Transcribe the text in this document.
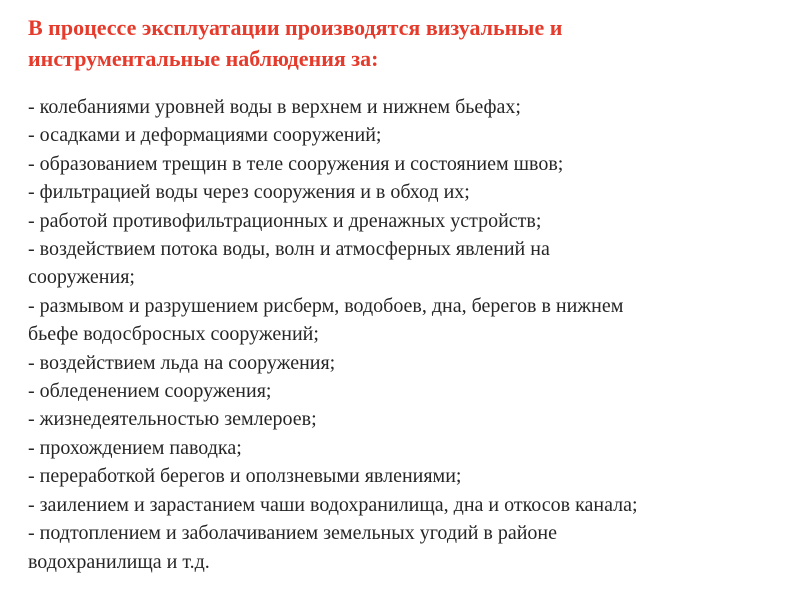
В процессе эксплуатации производятся визуальные и
инструментальные наблюдения за:
- колебаниями уровней воды в верхнем и нижнем бьефах;
- осадками и деформациями сооружений;
- образованием трещин в теле сооружения и состоянием швов;
- фильтрацией воды через сооружения и в обход их;
- работой противофильтрационных и дренажных устройств;
- воздействием потока воды, волн и атмосферных явлений на
сооружения;
- размывом и разрушением рисберм, водобоев, дна, берегов в нижнем
бьефе водосбросных сооружений;
- воздействием льда на сооружения;
- обледенением сооружения;
- жизнедеятельностью землероев;
- прохождением паводка;
- переработкой берегов и оползневыми явлениями;
- заилением и зарастанием чаши водохранилища, дна и откосов канала;
- подтоплением и заболачиванием земельных угодий в районе
водохранилища и т.д.
